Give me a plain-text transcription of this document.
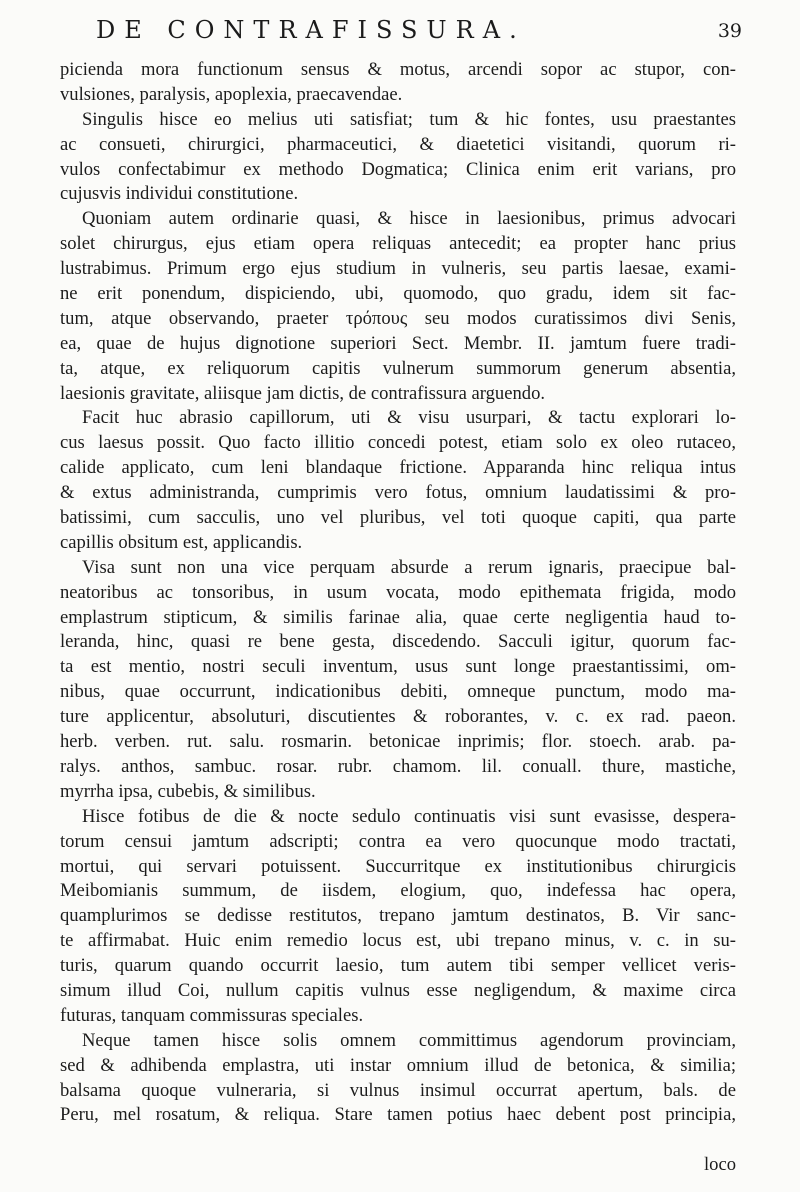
DE CONTRAFISSURA.	39
picienda mora functionum sensus & motus, arcendi sopor ac stupor, con-
vulsiones, paralysis, apoplexia, praecavendae.
Singulis hisce eo melius uti satisfiat; tum & hic fontes, usu praestantes
ac consueti, chirurgici, pharmaceutici, & diaetetici visitandi, quorum ri-
vulos confectabimur ex methodo Dogmatica; Clinica enim erit varians, pro
cujusvis individui constitutione.
Quoniam autem ordinarie quasi, & hisce in laesionibus, primus advocari
solet chirurgus, ejus etiam opera reliquas antecedit; ea propter hanc prius
lustrabimus. Primum ergo ejus studium in vulneris, seu partis laesae, exami-
ne erit ponendum, dispiciendo, ubi, quomodo, quo gradu, idem sit fac-
tum, atque observando, praeter τρόπους seu modos curatissimos divi Senis,
ea, quae de hujus dignotione superiori Sect. Membr. II. jamtum fuere tradi-
ta, atque, ex reliquorum capitis vulnerum summorum generum absentia,
laesionis gravitate, aliisque jam dictis, de contrafissura arguendo.
Facit huc abrasio capillorum, uti & visu usurpari, & tactu explorari lo-
cus laesus possit. Quo facto illitio concedi potest, etiam solo ex oleo rutaceo,
calide applicato, cum leni blandaque frictione. Apparanda hinc reliqua intus
& extus administranda, cumprimis vero fotus, omnium laudatissimi & pro-
batissimi, cum sacculis, uno vel pluribus, vel toti quoque capiti, qua parte
capillis obsitum est, applicandis.
Visa sunt non una vice perquam absurde a rerum ignaris, praecipue bal-
neatoribus ac tonsoribus, in usum vocata, modo epithemata frigida, modo
emplastrum stipticum, & similis farinae alia, quae certe negligentia haud to-
leranda, hinc, quasi re bene gesta, discedendo. Sacculi igitur, quorum fac-
ta est mentio, nostri seculi inventum, usus sunt longe praestantissimi, om-
nibus, quae occurrunt, indicationibus debiti, omneque punctum, modo ma-
ture applicentur, absoluturi, discutientes & roborantes, v. c. ex rad. paeon.
herb. verben. rut. salu. rosmarin. betonicae inprimis; flor. stoech. arab. pa-
ralys. anthos, sambuc. rosar. rubr. chamom. lil. conuall. thure, mastiche,
myrrha ipsa, cubebis, & similibus.
Hisce fotibus de die & nocte sedulo continuatis visi sunt evasisse, despera-
torum censui jamtum adscripti; contra ea vero quocunque modo tractati,
mortui, qui servari potuissent. Succurritque ex institutionibus chirurgicis
Meibomianis summum, de iisdem, elogium, quo, indefessa hac opera,
quamplurimos se dedisse restitutos, trepano jamtum destinatos, B. Vir sanc-
te affirmabat. Huic enim remedio locus est, ubi trepano minus, v. c. in su-
turis, quarum quando occurrit laesio, tum autem tibi semper vellicet veris-
simum illud Coi, nullum capitis vulnus esse negligendum, & maxime circa
futuras, tanquam commissuras speciales.
Neque tamen hisce solis omnem committimus agendorum provinciam,
sed & adhibenda emplastra, uti instar omnium illud de betonica, & similia;
balsama quoque vulneraria, si vulnus insimul occurrat apertum, bals. de
Peru, mel rosatum, & reliqua. Stare tamen potius haec debent post principia,
loco
